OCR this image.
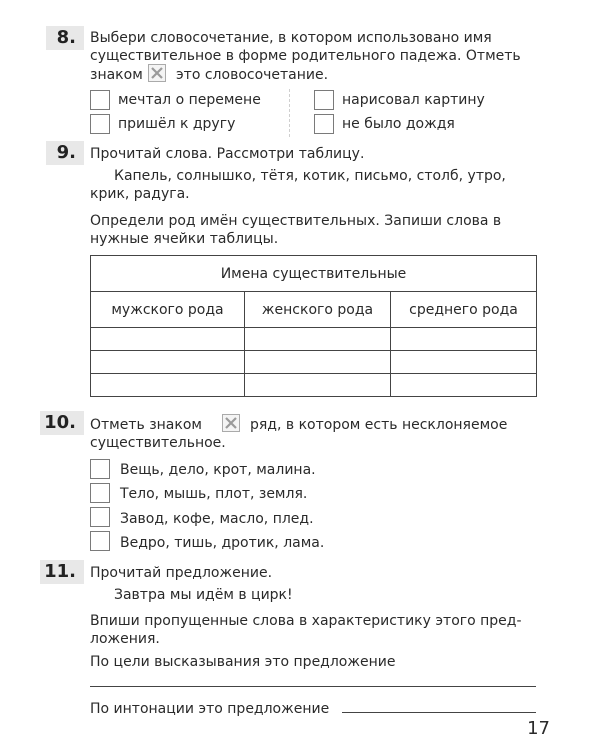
8.	Выбери словосочетание, в котором использовано имя
существительное в форме родительного падежа. Отметь
знаком это словосочетание.
мечтал о перемене
пришёл к другу
нарисовал картину
не было дождя
9.	Прочитай слова. Рассмотри таблицу.
Капель, солнышко, тётя, котик, письмо, столб, утро,
крик, радуга.
Определи род имён существительных. Запиши слова в
нужные ячейки таблицы.
Имена существительные		
мужского рода	женского рода	среднего рода

10.	Отметь знаком	ряд, в котором есть несклоняемое
существительное.
Вещь, дело, крот, малина.
Тело, мышь, плот, земля.
Завод, кофе, масло, плед.
Ведро, тишь, дротик, лама.
11.	Прочитай предложение.
Завтра мы идём в цирк!
Впиши пропущенные слова в характеристику этого пред-
ложения.
По цели высказывания это предложение
По интонации это предложение
17
